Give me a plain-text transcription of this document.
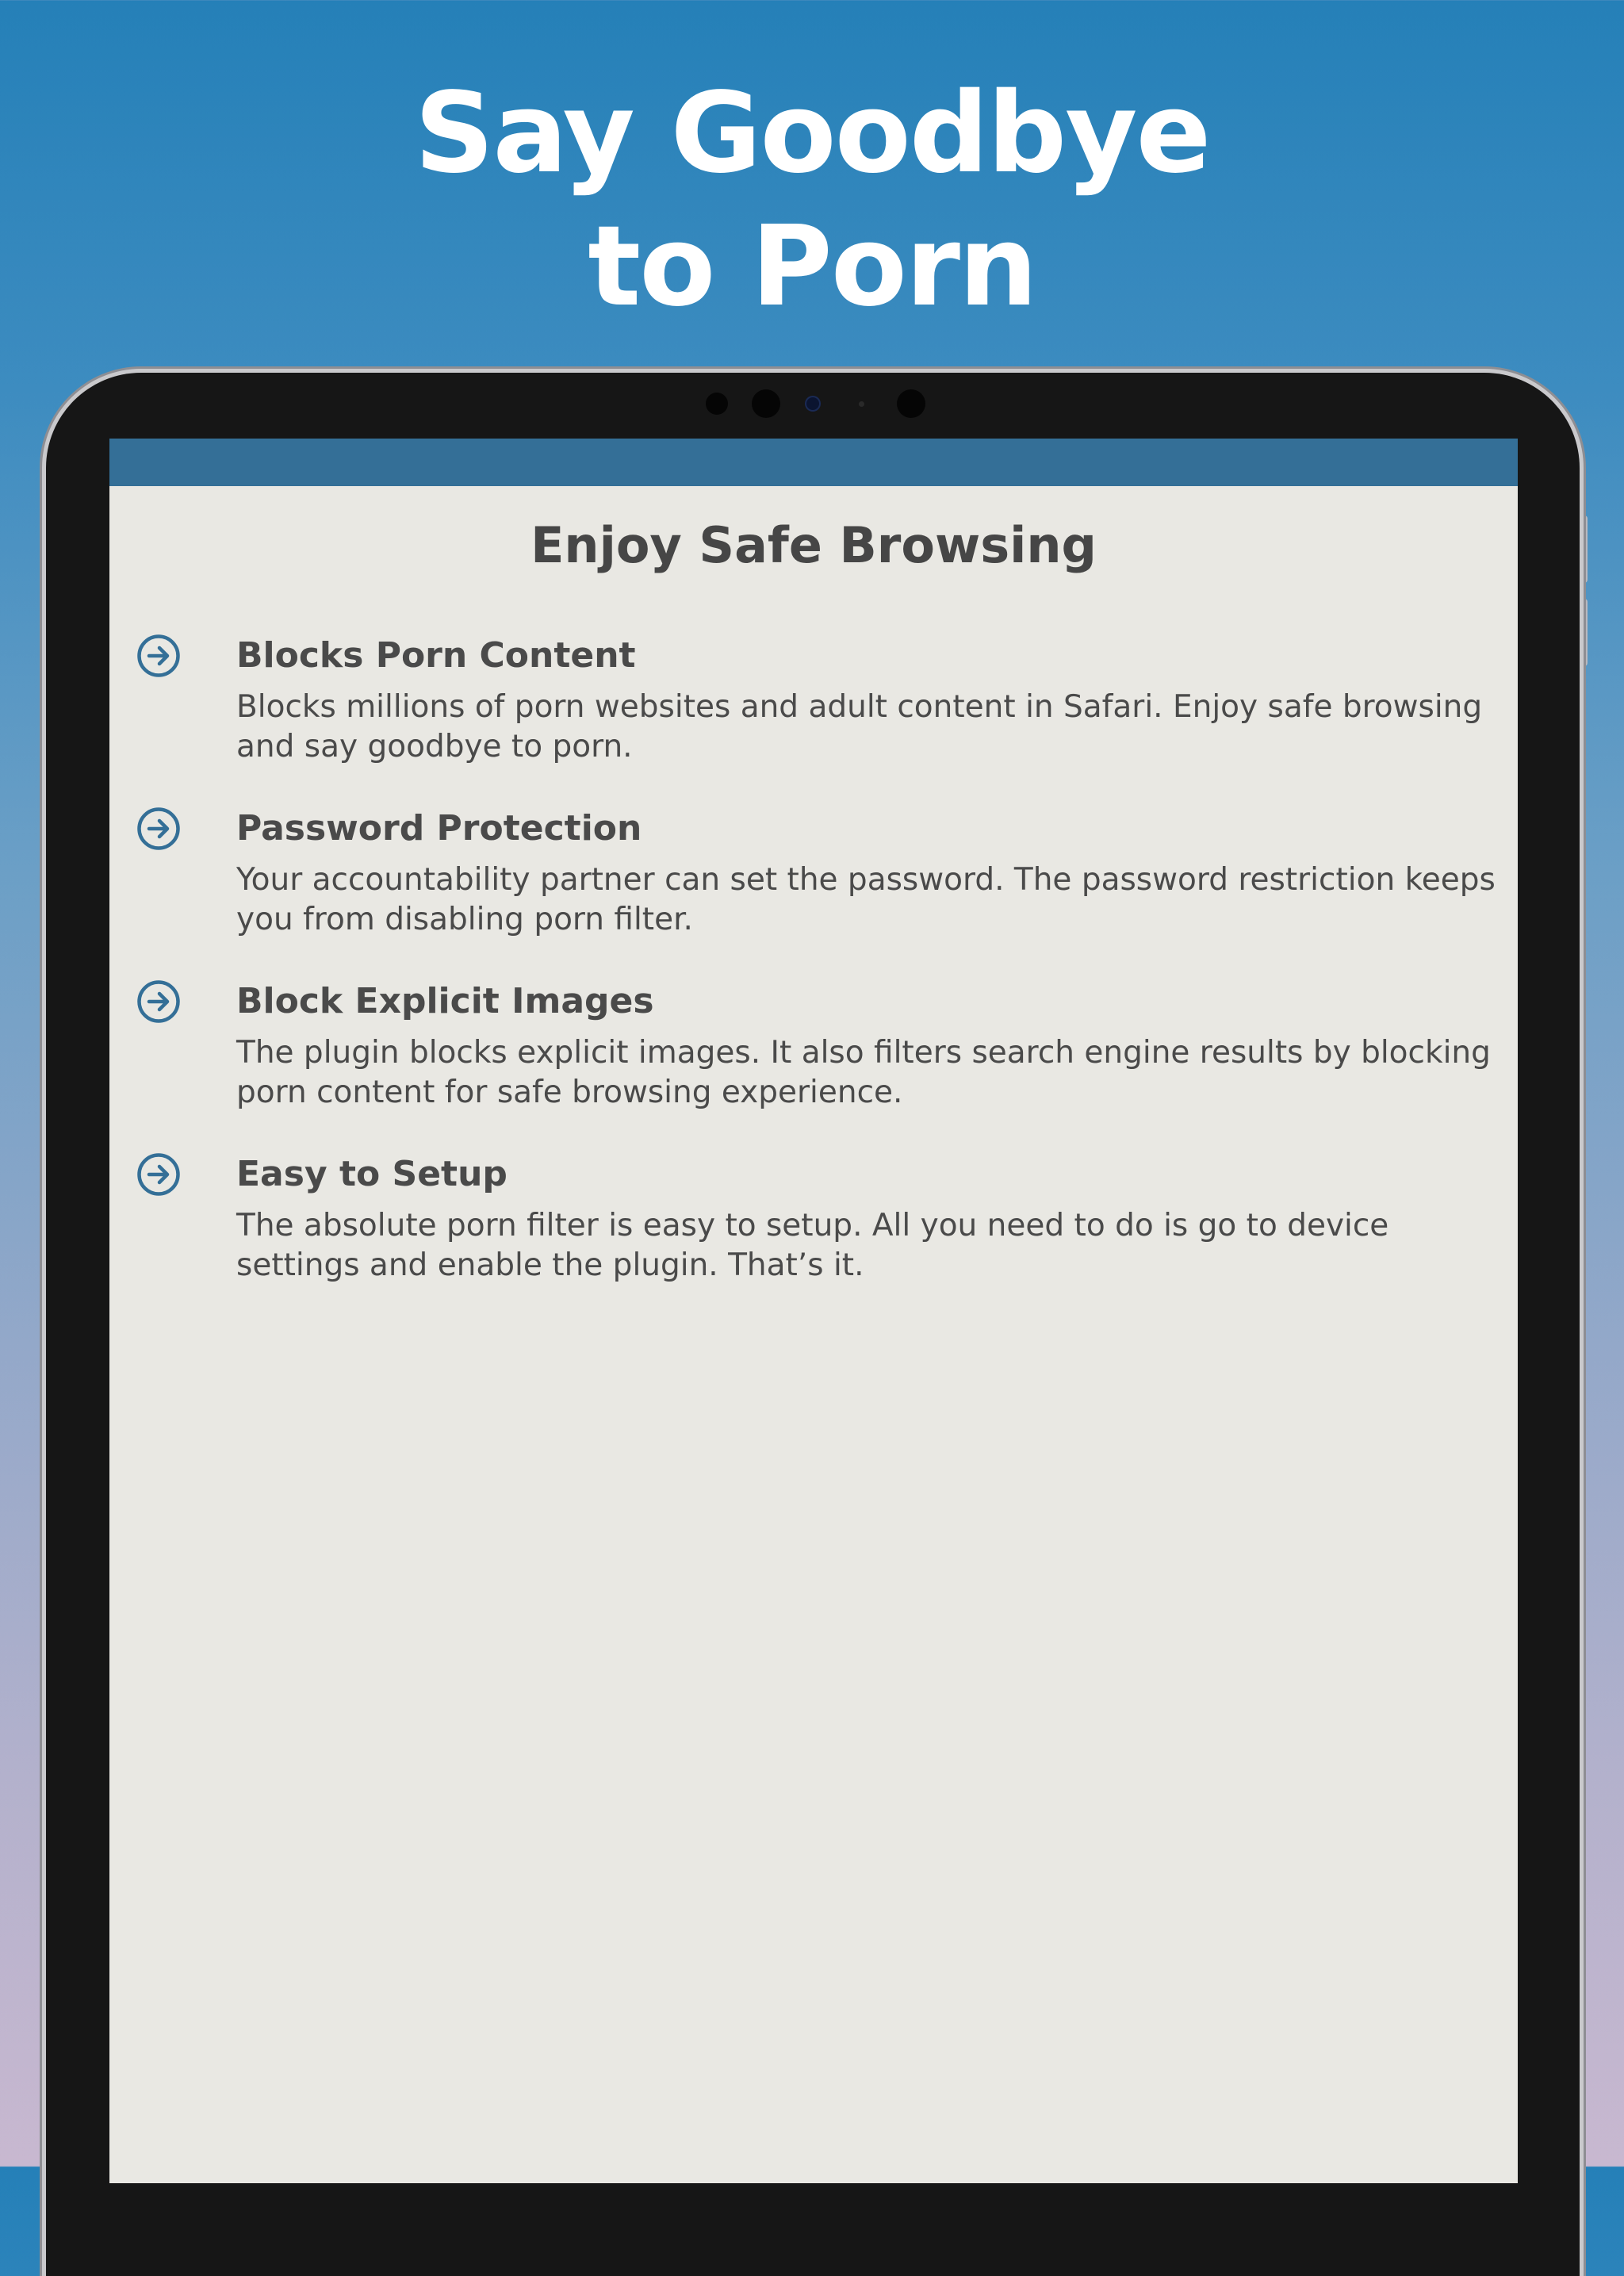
Say Goodbye
to Porn
Enjoy Safe Browsing
Blocks Porn Content
Blocks millions of porn websites and adult content in Safari. Enjoy safe browsing and say goodbye to porn.
Password Protection
Your accountability partner can set the password. The password restriction keeps you from disabling porn filter.
Block Explicit Images
The plugin blocks explicit images. It also filters search engine results by blocking porn content for safe browsing experience.
Easy to Setup
The absolute porn filter is easy to setup. All you need to do is go to device settings and enable the plugin. That’s it.
